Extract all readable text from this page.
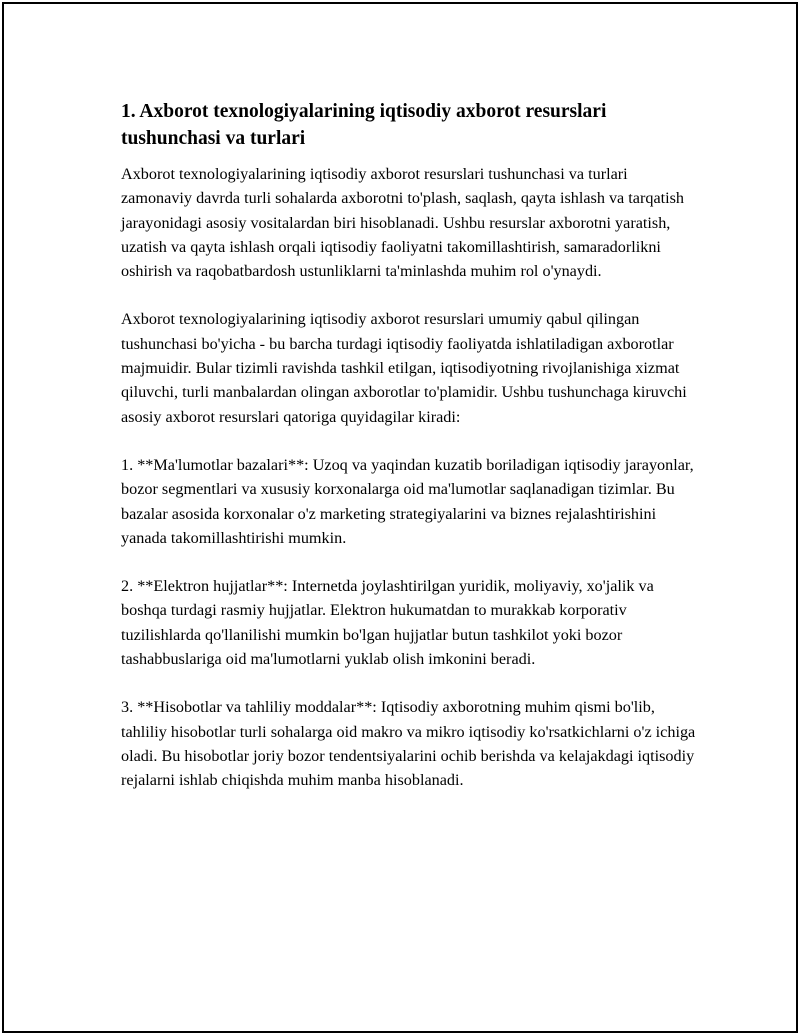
1. Axborot texnologiyalarining iqtisodiy axborot resurslari tushunchasi va turlari

Axborot texnologiyalarining iqtisodiy axborot resurslari tushunchasi va turlari zamonaviy davrda turli sohalarda axborotni to'plash, saqlash, qayta ishlash va tarqatish jarayonidagi asosiy vositalardan biri hisoblanadi. Ushbu resurslar axborotni yaratish, uzatish va qayta ishlash orqali iqtisodiy faoliyatni takomillashtirish, samaradorlikni oshirish va raqobatbardosh ustunliklarni ta'minlashda muhim rol o'ynaydi.

Axborot texnologiyalarining iqtisodiy axborot resurslari umumiy qabul qilingan tushunchasi bo'yicha - bu barcha turdagi iqtisodiy faoliyatda ishlatiladigan axborotlar majmuidir. Bular tizimli ravishda tashkil etilgan, iqtisodiyotning rivojlanishiga xizmat qiluvchi, turli manbalardan olingan axborotlar to'plamidir. Ushbu tushunchaga kiruvchi asosiy axborot resurslari qatoriga quyidagilar kiradi:

1. **Ma'lumotlar bazalari**: Uzoq va yaqindan kuzatib boriladigan iqtisodiy jarayonlar, bozor segmentlari va xususiy korxonalarga oid ma'lumotlar saqlanadigan tizimlar. Bu bazalar asosida korxonalar o'z marketing strategiyalarini va biznes rejalashtirishini yanada takomillashtirishi mumkin.

2. **Elektron hujjatlar**: Internetda joylashtirilgan yuridik, moliyaviy, xo'jalik va boshqa turdagi rasmiy hujjatlar. Elektron hukumatdan to murakkab korporativ tuzilishlarda qo'llanilishi mumkin bo'lgan hujjatlar butun tashkilot yoki bozor tashabbuslariga oid ma'lumotlarni yuklab olish imkonini beradi.

3. **Hisobotlar va tahliliy moddalar**: Iqtisodiy axborotning muhim qismi bo'lib, tahliliy hisobotlar turli sohalarga oid makro va mikro iqtisodiy ko'rsatkichlarni o'z ichiga oladi. Bu hisobotlar joriy bozor tendentsiyalarini ochib berishda va kelajakdagi iqtisodiy rejalarni ishlab chiqishda muhim manba hisoblanadi.
